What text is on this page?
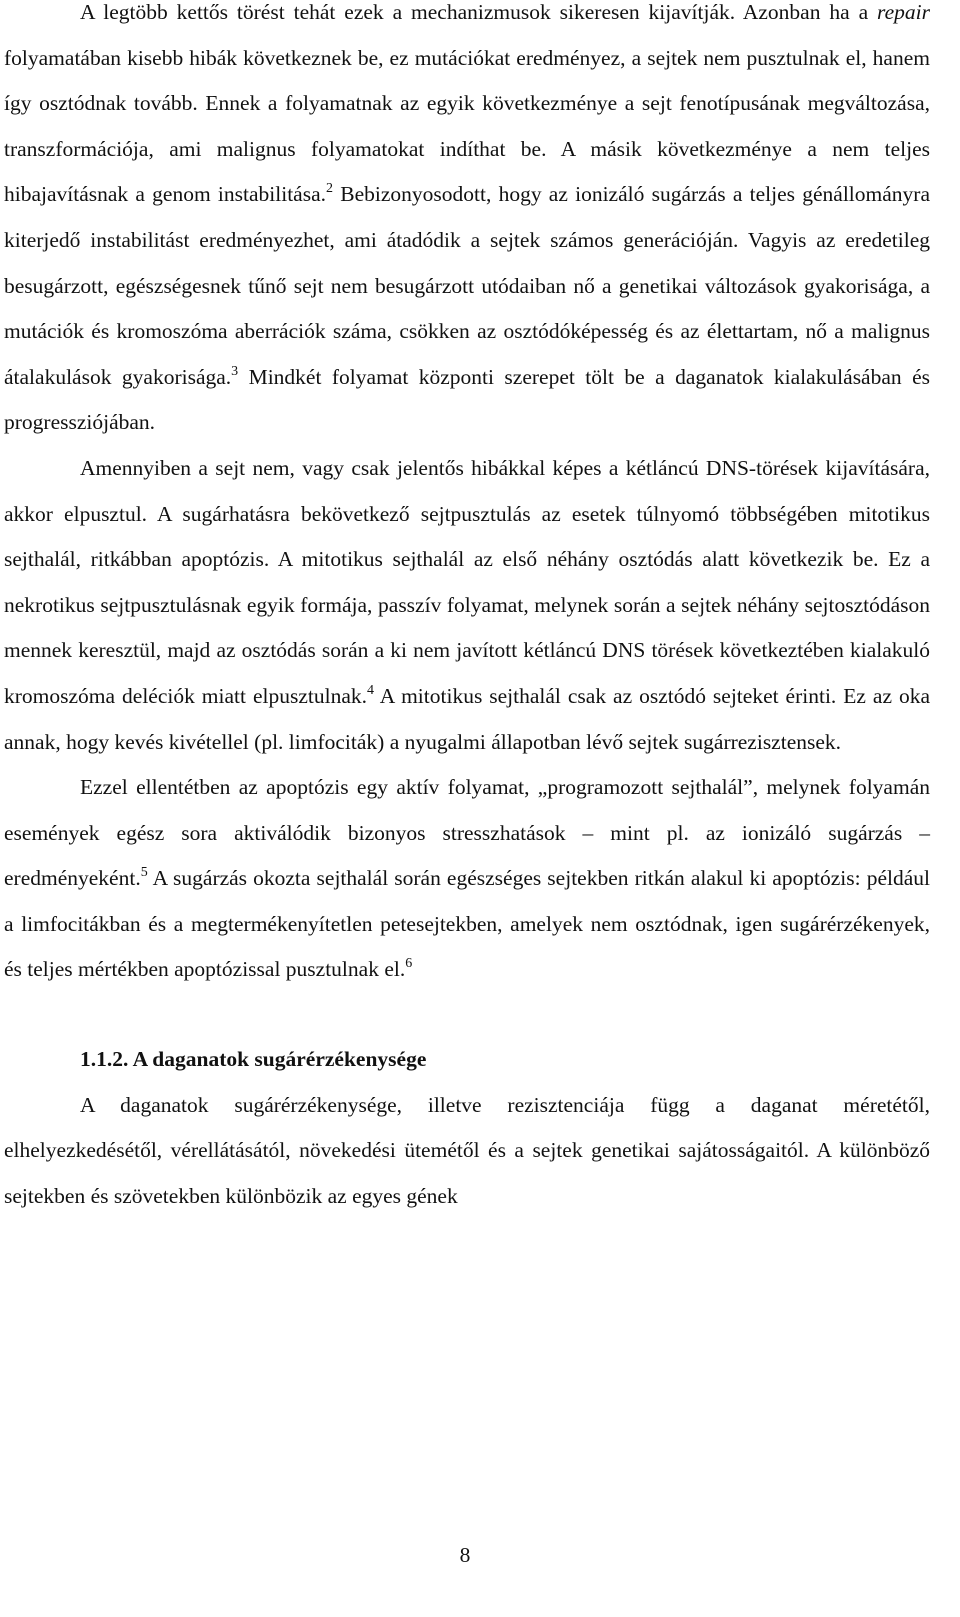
A legtöbb kettős törést tehát ezek a mechanizmusok sikeresen kijavítják. Azonban ha a repair folyamatában kisebb hibák következnek be, ez mutációkat eredményez, a sejtek nem pusztulnak el, hanem így osztódnak tovább. Ennek a folyamatnak az egyik következménye a sejt fenotípusának megváltozása, transzformációja, ami malignus folyamatokat indíthat be. A másik következménye a nem teljes hibajavításnak a genom instabilitása.$^2$ Bebizonyosodott, hogy az ionizáló sugárzás a teljes génállományra kiterjedő instabilitást eredményezhet, ami átadódik a sejtek számos generációján. Vagyis az eredetileg besugárzott, egészségesnek tűnő sejt nem besugárzott utódaiban nő a genetikai változások gyakorisága, a mutációk és kromoszóma aberrációk száma, csökken az osztódóképesség és az élettartam, nő a malignus átalakulások gyakorisága.$^3$ Mindkét folyamat központi szerepet tölt be a daganatok kialakulásában és progressziójában.

Amennyiben a sejt nem, vagy csak jelentős hibákkal képes a kétláncú DNS-törések kijavítására, akkor elpusztul. A sugárhatásra bekövetkező sejtpusztulás az esetek túlnyomó többségében mitotikus sejthalál, ritkábban apoptózis. A mitotikus sejthalál az első néhány osztódás alatt következik be. Ez a nekrotikus sejtpusztulásnak egyik formája, passzív folyamat, melynek során a sejtek néhány sejtosztódáson mennek keresztül, majd az osztódás során a ki nem javított kétláncú DNS törések következtében kialakuló kromoszóma deléciók miatt elpusztulnak.$^4$ A mitotikus sejthalál csak az osztódó sejteket érinti. Ez az oka annak, hogy kevés kivétellel (pl. limfociták) a nyugalmi állapotban lévő sejtek sugárrezisztensek.

Ezzel ellentétben az apoptózis egy aktív folyamat, „programozott sejthalál”, melynek folyamán események egész sora aktiválódik bizonyos stresszhatások – mint pl. az ionizáló sugárzás – eredményeként.$^5$ A sugárzás okozta sejthalál során egészséges sejtekben ritkán alakul ki apoptózis: például a limfocitákban és a megtermékenyítetlen petesejtekben, amelyek nem osztódnak, igen sugárérzékenyek, és teljes mértékben apoptózissal pusztulnak el.$^6$

1.1.2. A daganatok sugárérzékenysége

A daganatok sugárérzékenysége, illetve rezisztenciája függ a daganat méretétől, elhelyezkedésétől, vérellátásától, növekedési ütemétől és a sejtek genetikai sajátosságaitól. A különböző sejtekben és szövetekben különbözik az egyes gének

8
